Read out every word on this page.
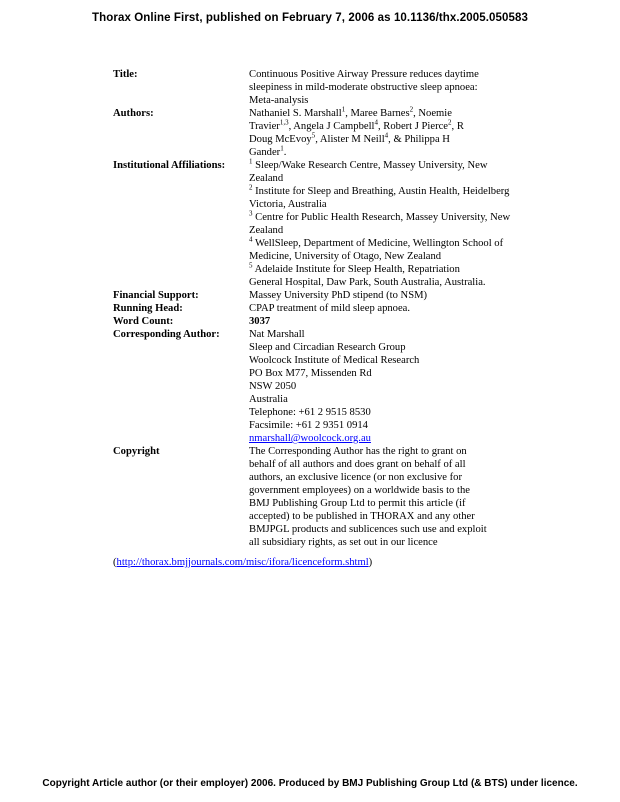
Thorax Online First, published on February 7, 2006 as 10.1136/thx.2005.050583
Title:	Continuous Positive Airway Pressure reduces daytime
sleepiness in mild-moderate obstructive sleep apnoea:
Meta-analysis
Authors:	Nathaniel S. Marshall$^1$, Maree Barnes$^2$, Noemie
Travier$^{1,3}$, Angela J Campbell$^4$, Robert J Pierce$^2$, R
Doug McEvoy$^5$, Alister M Neill$^4$, & Philippa H
Gander$^1$.
Institutional Affiliations:	$^1$ Sleep/Wake Research Centre, Massey University, New
Zealand
$^2$ Institute for Sleep and Breathing, Austin Health, Heidelberg
Victoria, Australia
$^3$ Centre for Public Health Research, Massey University, New
Zealand
$^4$ WellSleep, Department of Medicine, Wellington School of
Medicine, University of Otago, New Zealand
$^5$ Adelaide Institute for Sleep Health, Repatriation
General Hospital, Daw Park, South Australia, Australia.
Financial Support:	Massey University PhD stipend (to NSM)
Running Head:	CPAP treatment of mild sleep apnoea.
Word Count:	3037
Corresponding Author:	Nat Marshall
Sleep and Circadian Research Group
Woolcock Institute of Medical Research
PO Box M77, Missenden Rd
NSW 2050
Australia
Telephone: +61 2 9515 8530
Facsimile: +61 2 9351 0914
nmarshall@woolcock.org.au
Copyright	The Corresponding Author has the right to grant on
behalf of all authors and does grant on behalf of all
authors, an exclusive licence (or non exclusive for
government employees) on a worldwide basis to the
BMJ Publishing Group Ltd to permit this article (if
accepted) to be published in THORAX and any other
BMJPGL products and sublicences such use and exploit
all subsidiary rights, as set out in our licence
(http://thorax.bmjjournals.com/misc/ifora/licenceform.shtml)
Copyright Article author (or their employer) 2006. Produced by BMJ Publishing Group Ltd (& BTS) under licence.
